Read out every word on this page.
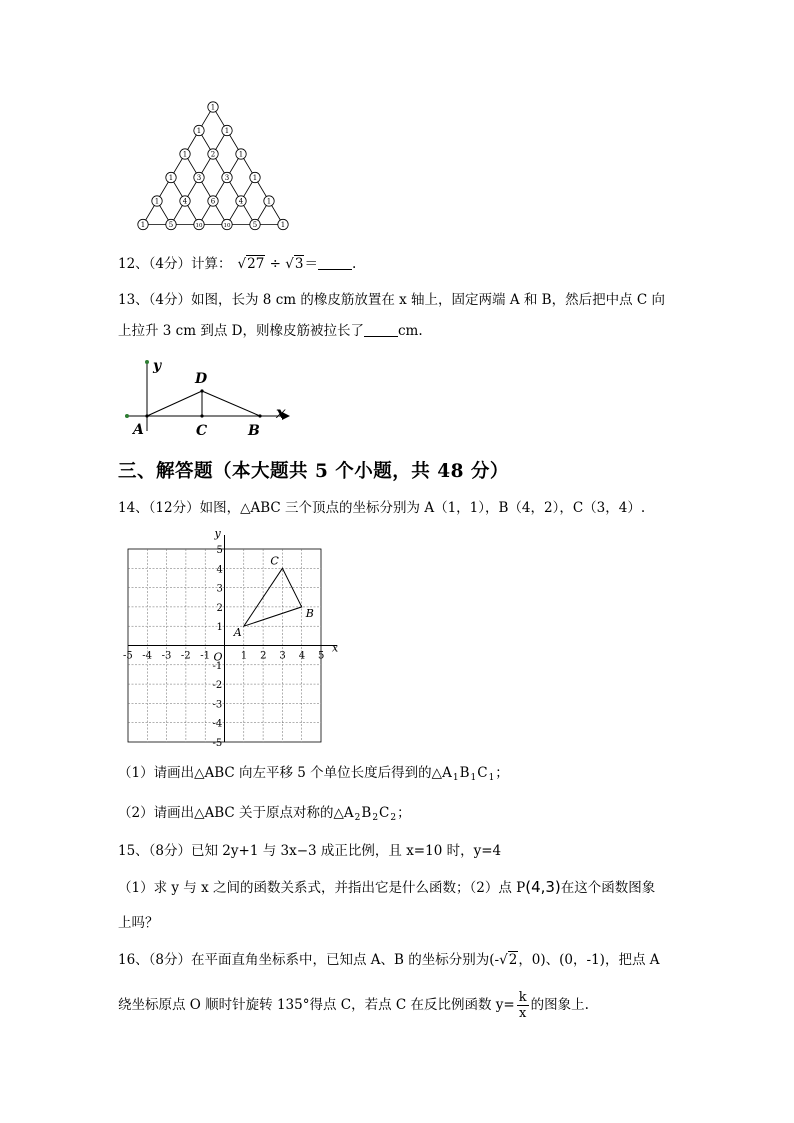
1
1	1
1	2	1
1	3	3	1
1	4	6	4	1
1	5	10	10	5	1
12、（4分）计算： √27 ÷ √3＝	.
13、（4分）如图，长为 8 cm 的橡皮筋放置在 x 轴上，固定两端 A 和 B，然后把中点 C 向
上拉升 3 cm 到点 D，则橡皮筋被拉长了	cm.
y
x
A	C	B
D
三、解答题（本大题共 5 个小题，共 48 分）
14、（12分）如图，△ABC 三个顶点的坐标分别为 A（1，1），B（4，2），C（3，4）.
x
y
O
-5 -4 -3 -2 -1	1 2 3 4 5
5
4
3
2
1
-1
-2
-3
-4
-5
A
B
C
（1）请画出△ABC 向左平移 5 个单位长度后得到的$\triangle A_1B_1C_1$；
（2）请画出△ABC 关于原点对称的$\triangle A_2B_2C_2$；
15、（8分）已知 2y+1 与 3x−3 成正比例，且 x=10 时，y=4
（1）求 y 与 x 之间的函数关系式，并指出它是什么函数；（2）点 P(4,3)在这个函数图象
上吗？
16、（8分）在平面直角坐标系中，已知点 A、B 的坐标分别为(-√2，0)、(0，-1)，把点 A
绕坐标原点 O 顺时针旋转 135°得点 C，若点 C 在反比例函数 $y= \frac{k}{x}$ 的图象上.
